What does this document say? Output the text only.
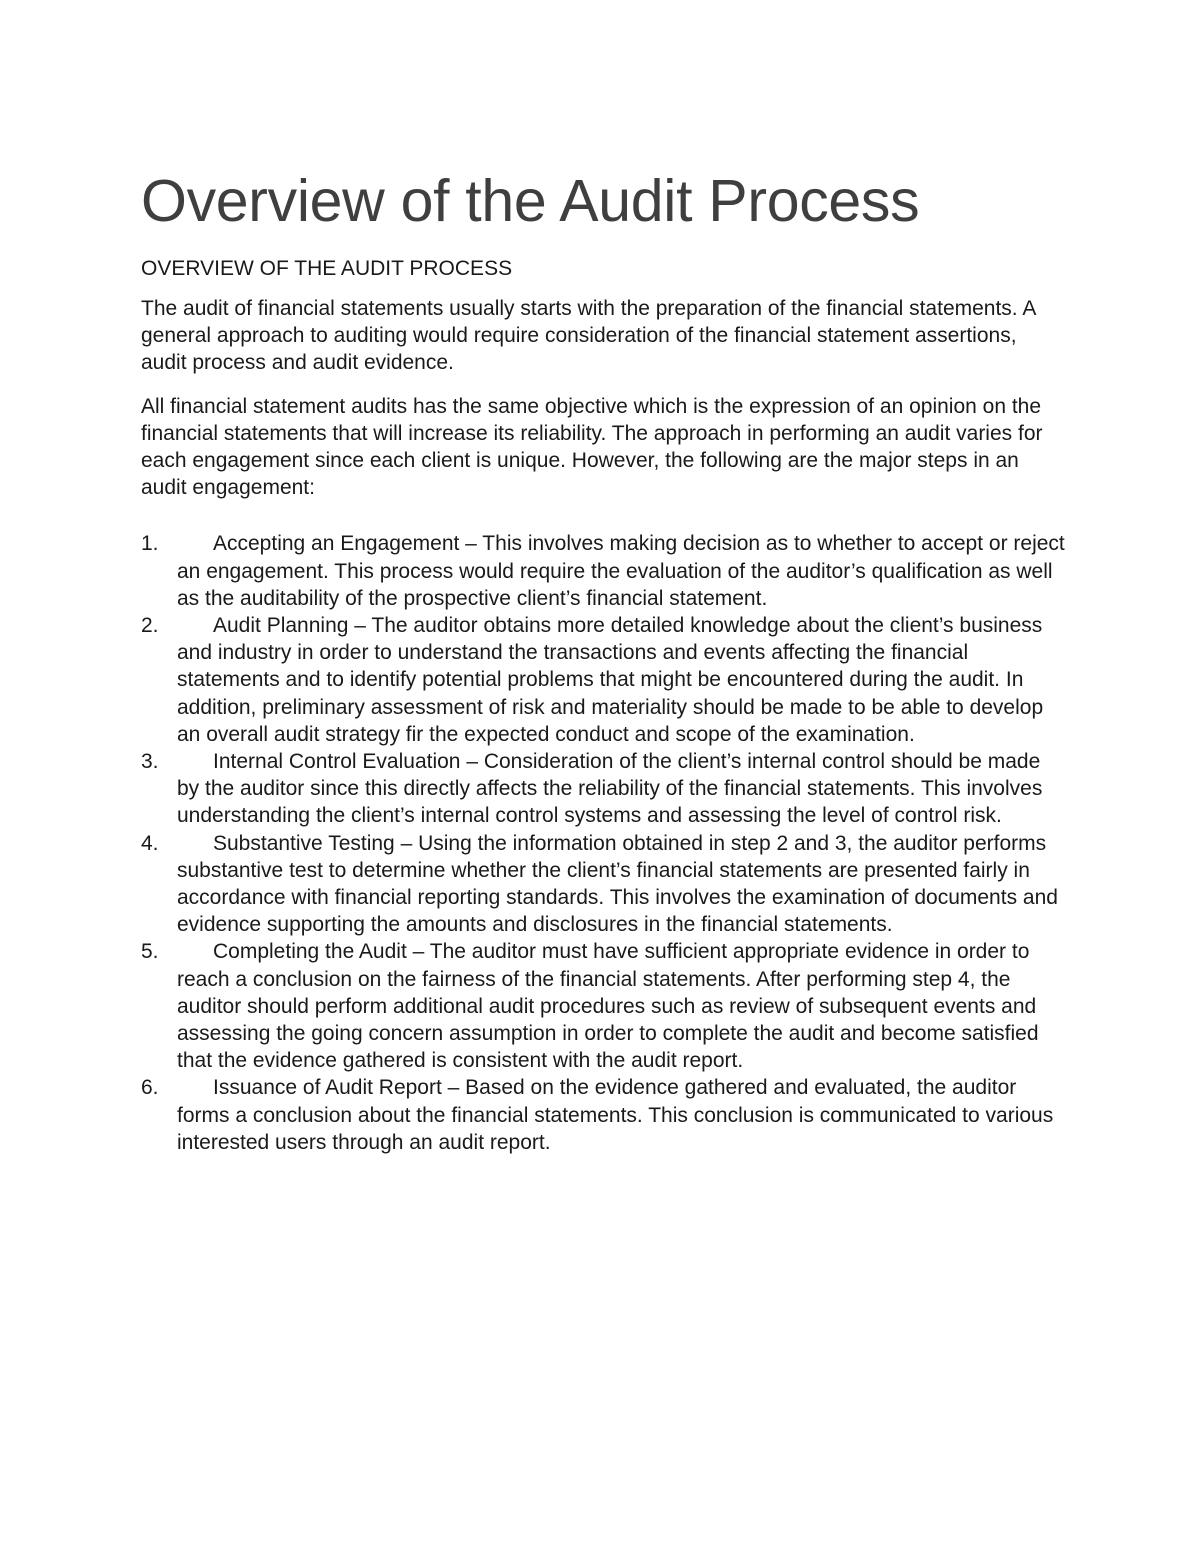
Overview of the Audit Process
OVERVIEW OF THE AUDIT PROCESS

The audit of financial statements usually starts with the preparation of the financial statements. A general approach to auditing would require consideration of the financial statement assertions, audit process and audit evidence.

All financial statement audits has the same objective which is the expression of an opinion on the financial statements that will increase its reliability. The approach in performing an audit varies for each engagement since each client is unique. However, the following are the major steps in an audit engagement:

1.	Accepting an Engagement – This involves making decision as to whether to accept or reject an engagement. This process would require the evaluation of the auditor’s qualification as well as the auditability of the prospective client’s financial statement.
2.	Audit Planning – The auditor obtains more detailed knowledge about the client’s business and industry in order to understand the transactions and events affecting the financial statements and to identify potential problems that might be encountered during the audit. In addition, preliminary assessment of risk and materiality should be made to be able to develop an overall audit strategy fir the expected conduct and scope of the examination.
3.	Internal Control Evaluation – Consideration of the client’s internal control should be made by the auditor since this directly affects the reliability of the financial statements. This involves understanding the client’s internal control systems and assessing the level of control risk.
4.	Substantive Testing – Using the information obtained in step 2 and 3, the auditor performs substantive test to determine whether the client’s financial statements are presented fairly in accordance with financial reporting standards. This involves the examination of documents and evidence supporting the amounts and disclosures in the financial statements.
5.	Completing the Audit – The auditor must have sufficient appropriate evidence in order to reach a conclusion on the fairness of the financial statements. After performing step 4, the auditor should perform additional audit procedures such as review of subsequent events and assessing the going concern assumption in order to complete the audit and become satisfied that the evidence gathered is consistent with the audit report.
6.	Issuance of Audit Report – Based on the evidence gathered and evaluated, the auditor forms a conclusion about the financial statements. This conclusion is communicated to various interested users through an audit report.
